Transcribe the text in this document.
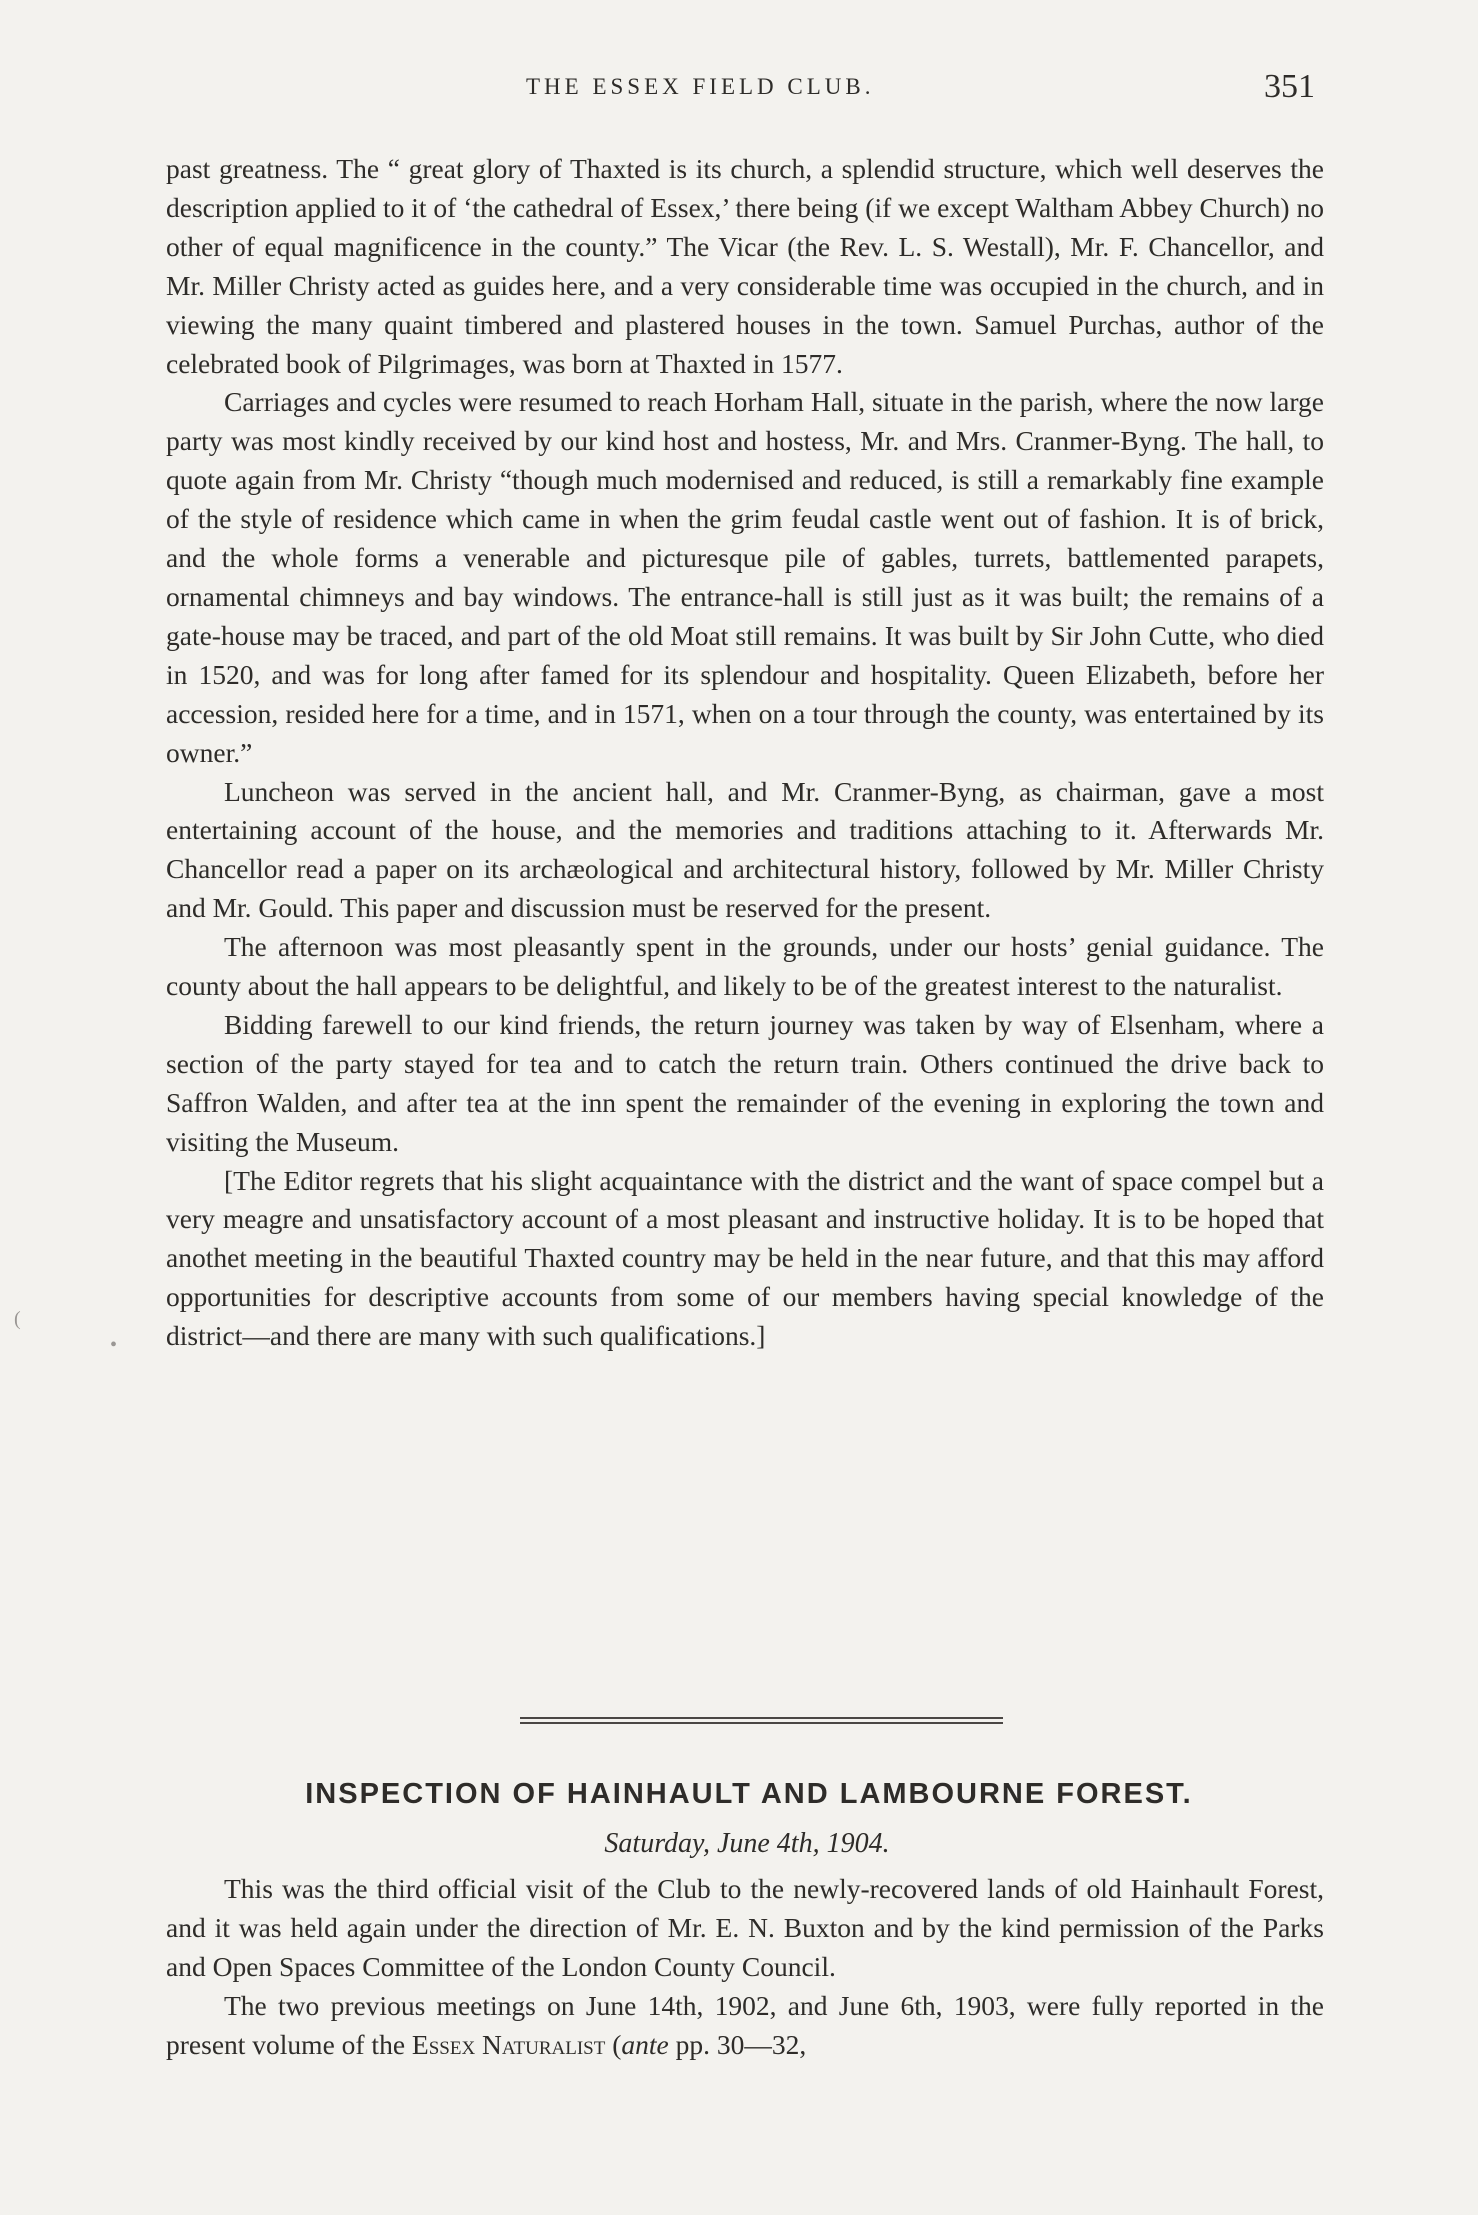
THE ESSEX FIELD CLUB.	351

past greatness. The “ great glory of Thaxted is its church, a splendid structure, which well deserves the description applied to it of ‘the cathedral of Essex,’ there being (if we except Waltham Abbey Church) no other of equal magnificence in the county.” The Vicar (the Rev. L. S. Westall), Mr. F. Chancellor, and Mr. Miller Christy acted as guides here, and a very considerable time was occupied in the church, and in viewing the many quaint timbered and plastered houses in the town. Samuel Purchas, author of the celebrated book of Pilgrimages, was born at Thaxted in 1577.

Carriages and cycles were resumed to reach Horham Hall, situate in the parish, where the now large party was most kindly received by our kind host and hostess, Mr. and Mrs. Cranmer-Byng. The hall, to quote again from Mr. Christy “though much modernised and reduced, is still a remarkably fine example of the style of residence which came in when the grim feudal castle went out of fashion. It is of brick, and the whole forms a venerable and picturesque pile of gables, turrets, battlemented parapets, ornamental chimneys and bay windows. The entrance-hall is still just as it was built; the remains of a gate-house may be traced, and part of the old Moat still remains. It was built by Sir John Cutte, who died in 1520, and was for long after famed for its splendour and hospitality. Queen Elizabeth, before her accession, resided here for a time, and in 1571, when on a tour through the county, was entertained by its owner.”

Luncheon was served in the ancient hall, and Mr. Cranmer-Byng, as chairman, gave a most entertaining account of the house, and the memories and traditions attaching to it. Afterwards Mr. Chancellor read a paper on its archæological and architectural history, followed by Mr. Miller Christy and Mr. Gould. This paper and discussion must be reserved for the present.

The afternoon was most pleasantly spent in the grounds, under our hosts’ genial guidance. The county about the hall appears to be delightful, and likely to be of the greatest interest to the naturalist.

Bidding farewell to our kind friends, the return journey was taken by way of Elsenham, where a section of the party stayed for tea and to catch the return train. Others continued the drive back to Saffron Walden, and after tea at the inn spent the remainder of the evening in exploring the town and visiting the Museum.

[The Editor regrets that his slight acquaintance with the district and the want of space compel but a very meagre and unsatisfactory account of a most pleasant and instructive holiday. It is to be hoped that anothet meeting in the beautiful Thaxted country may be held in the near future, and that this may afford opportunities for descriptive accounts from some of our members having special knowledge of the district—and there are many with such qualifications.]

INSPECTION OF HAINHAULT AND LAMBOURNE FOREST.
Saturday, June 4th, 1904.

This was the third official visit of the Club to the newly-recovered lands of old Hainhault Forest, and it was held again under the direction of Mr. E. N. Buxton and by the kind permission of the Parks and Open Spaces Committee of the London County Council.

The two previous meetings on June 14th, 1902, and June 6th, 1903, were fully reported in the present volume of the Essex Naturalist (ante pp. 30—32,

(
•
